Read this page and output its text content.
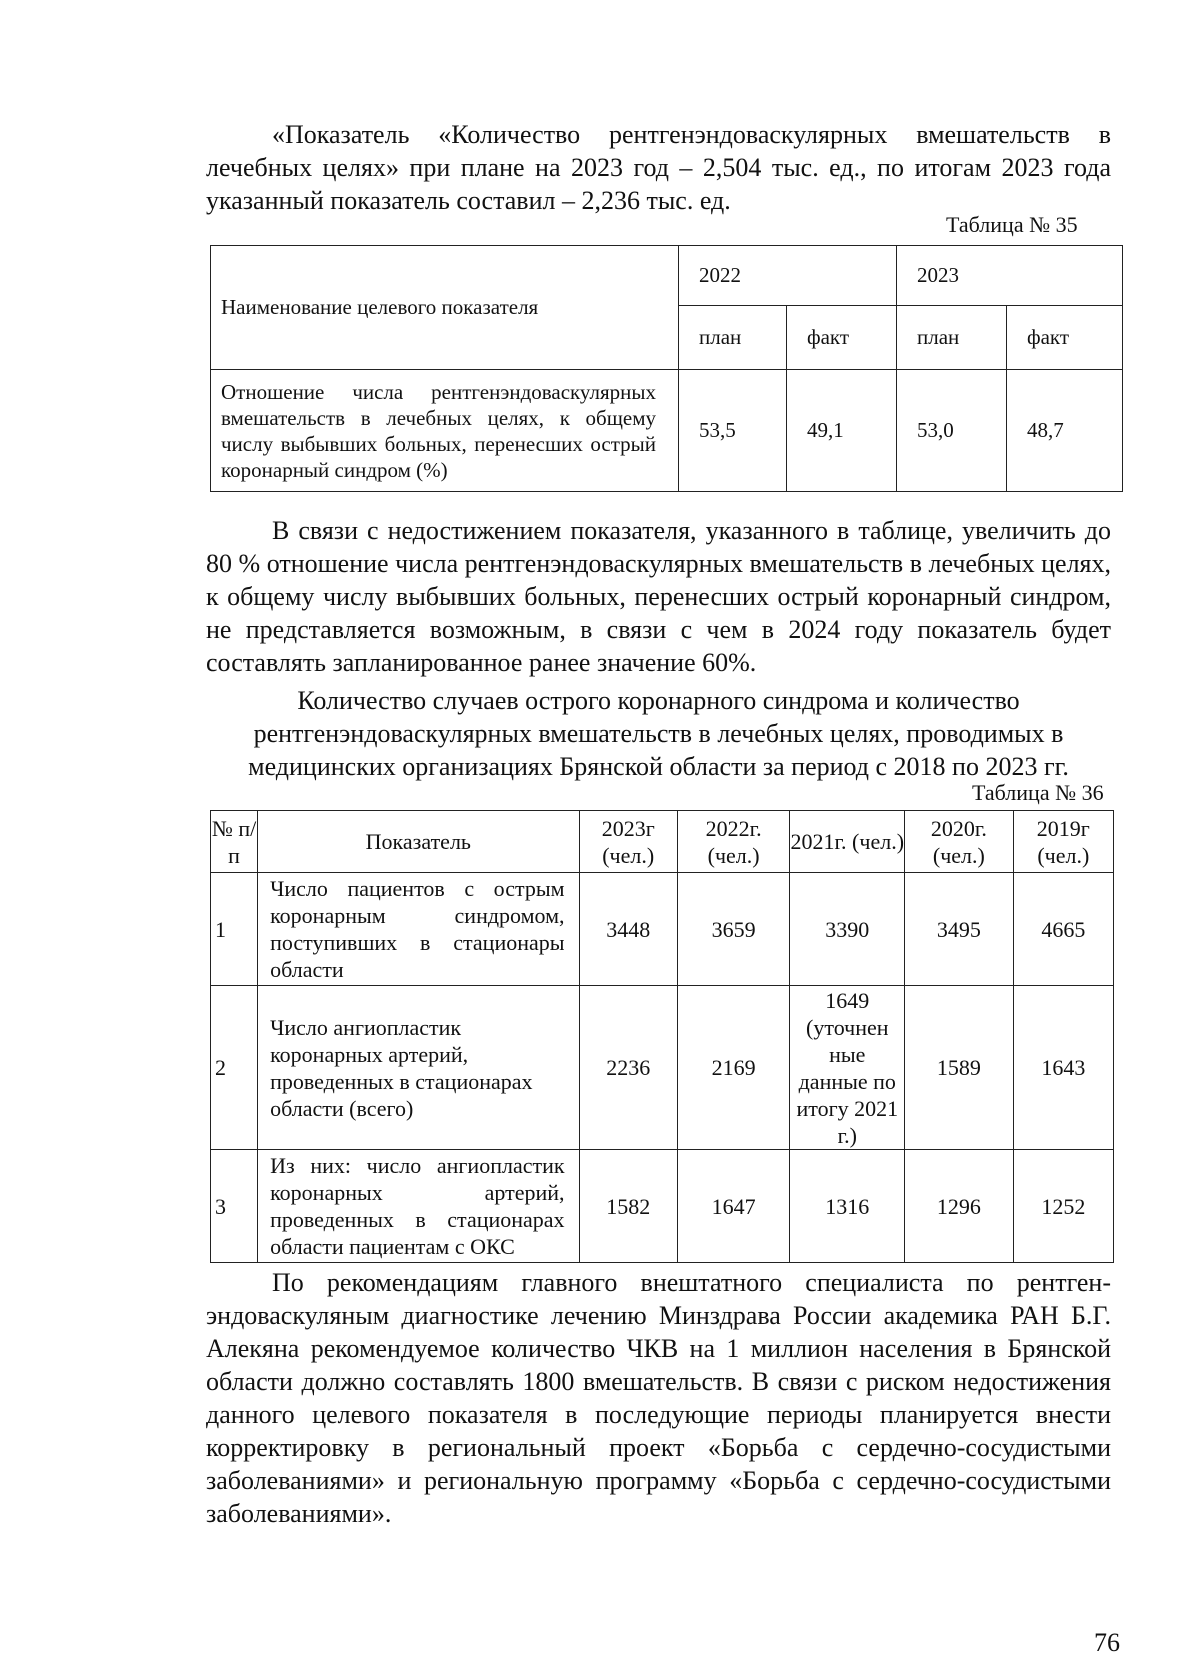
«Показатель «Количество рентгенэндоваскулярных вмешательств в лечебных целях» при плане на 2023 год – 2,504 тыс. ед., по итогам 2023 года указанный показатель составил – 2,236 тыс. ед.

Таблица № 35
Наименование целевого показателя	2022		2023	
	план	факт	план	факт
Отношение числа рентгенэндоваскулярных вмешательств в лечебных целях, к общему числу выбывших больных, перенесших острый коронарный синдром (%)	53,5	49,1	53,0	48,7

В связи с недостижением показателя, указанного в таблице, увеличить до 80 % отношение числа рентгенэндоваскулярных вмешательств в лечебных целях, к общему числу выбывших больных, перенесших острый коронарный синдром, не представляется возможным, в связи с чем в 2024 году показатель будет составлять запланированное ранее значение 60%.

Количество случаев острого коронарного синдрома и количество рентгенэндоваскулярных вмешательств в лечебных целях, проводимых в медицинских организациях Брянской области за период с 2018 по 2023 гг.

Таблица № 36
№ п/п	Показатель	2023г (чел.)	2022г. (чел.)	2021г. (чел.)	2020г. (чел.)	2019г (чел.)
1	Число пациентов с острым коронарным синдромом, поступивших в стационары области	3448	3659	3390	3495	4665
2	Число ангиопластик коронарных артерий, проведенных в стационарах области (всего)	2236	2169	1649 (уточнен ные данные по итогу 2021 г.)	1589	1643
3	Из них: число ангиопластик коронарных артерий, проведенных в стационарах области пациентам с ОКС	1582	1647	1316	1296	1252

По рекомендациям главного внештатного специалиста по рентген-эндоваскуляным диагностике лечению Минздрава России академика РАН Б.Г. Алекяна рекомендуемое количество ЧКВ на 1 миллион населения в Брянской области должно составлять 1800 вмешательств. В связи с риском недостижения данного целевого показателя в последующие периоды планируется внести корректировку в региональный проект «Борьба с сердечно-сосудистыми заболеваниями» и региональную программу «Борьба с сердечно-сосудистыми заболеваниями».

76
